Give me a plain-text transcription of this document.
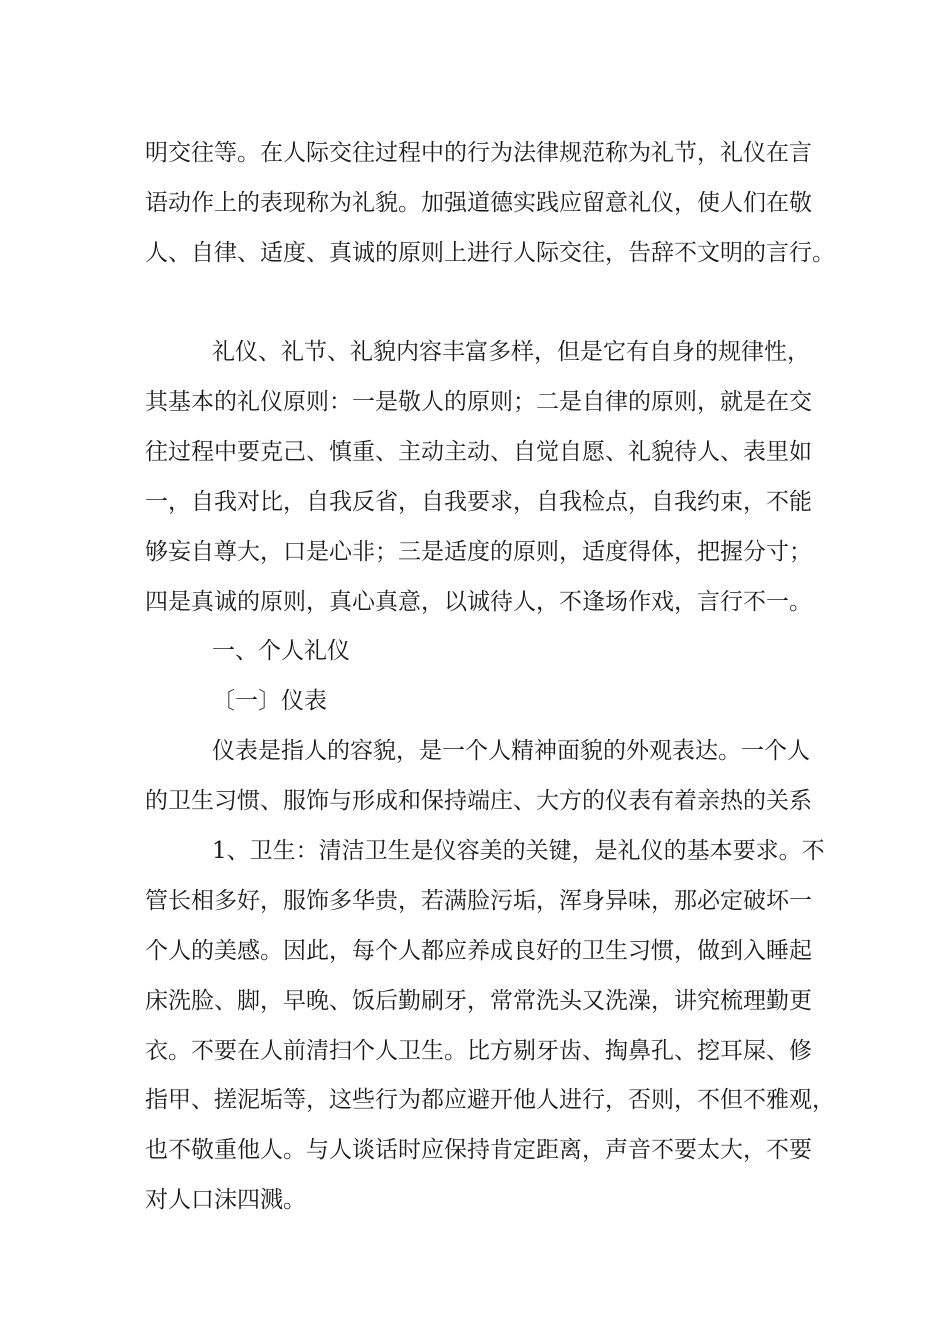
明交往等。在人际交往过程中的行为法律规范称为礼节，礼仪在言
语动作上的表现称为礼貌。加强道德实践应留意礼仪，使人们在敬
人、自律、适度、真诚的原则上进行人际交往，告辞不文明的言行。
礼仪、礼节、礼貌内容丰富多样，但是它有自身的规律性，
其基本的礼仪原则：一是敬人的原则；二是自律的原则，就是在交
往过程中要克己、慎重、主动主动、自觉自愿、礼貌待人、表里如
一，自我对比，自我反省，自我要求，自我检点，自我约束，不能
够妄自尊大，口是心非；三是适度的原则，适度得体，把握分寸；
四是真诚的原则，真心真意，以诚待人，不逢场作戏，言行不一。
一、个人礼仪
〔一〕仪表
仪表是指人的容貌，是一个人精神面貌的外观表达。一个人
的卫生习惯、服饰与形成和保持端庄、大方的仪表有着亲热的关系
1、卫生：清洁卫生是仪容美的关键，是礼仪的基本要求。不
管长相多好，服饰多华贵，若满脸污垢，浑身异味，那必定破坏一
个人的美感。因此，每个人都应养成良好的卫生习惯，做到入睡起
床洗脸、脚，早晚、饭后勤刷牙，常常洗头又洗澡，讲究梳理勤更
衣。不要在人前清扫个人卫生。比方剔牙齿、掏鼻孔、挖耳屎、修
指甲、搓泥垢等，这些行为都应避开他人进行，否则，不但不雅观，
也不敬重他人。与人谈话时应保持肯定距离，声音不要太大，不要
对人口沫四溅。
